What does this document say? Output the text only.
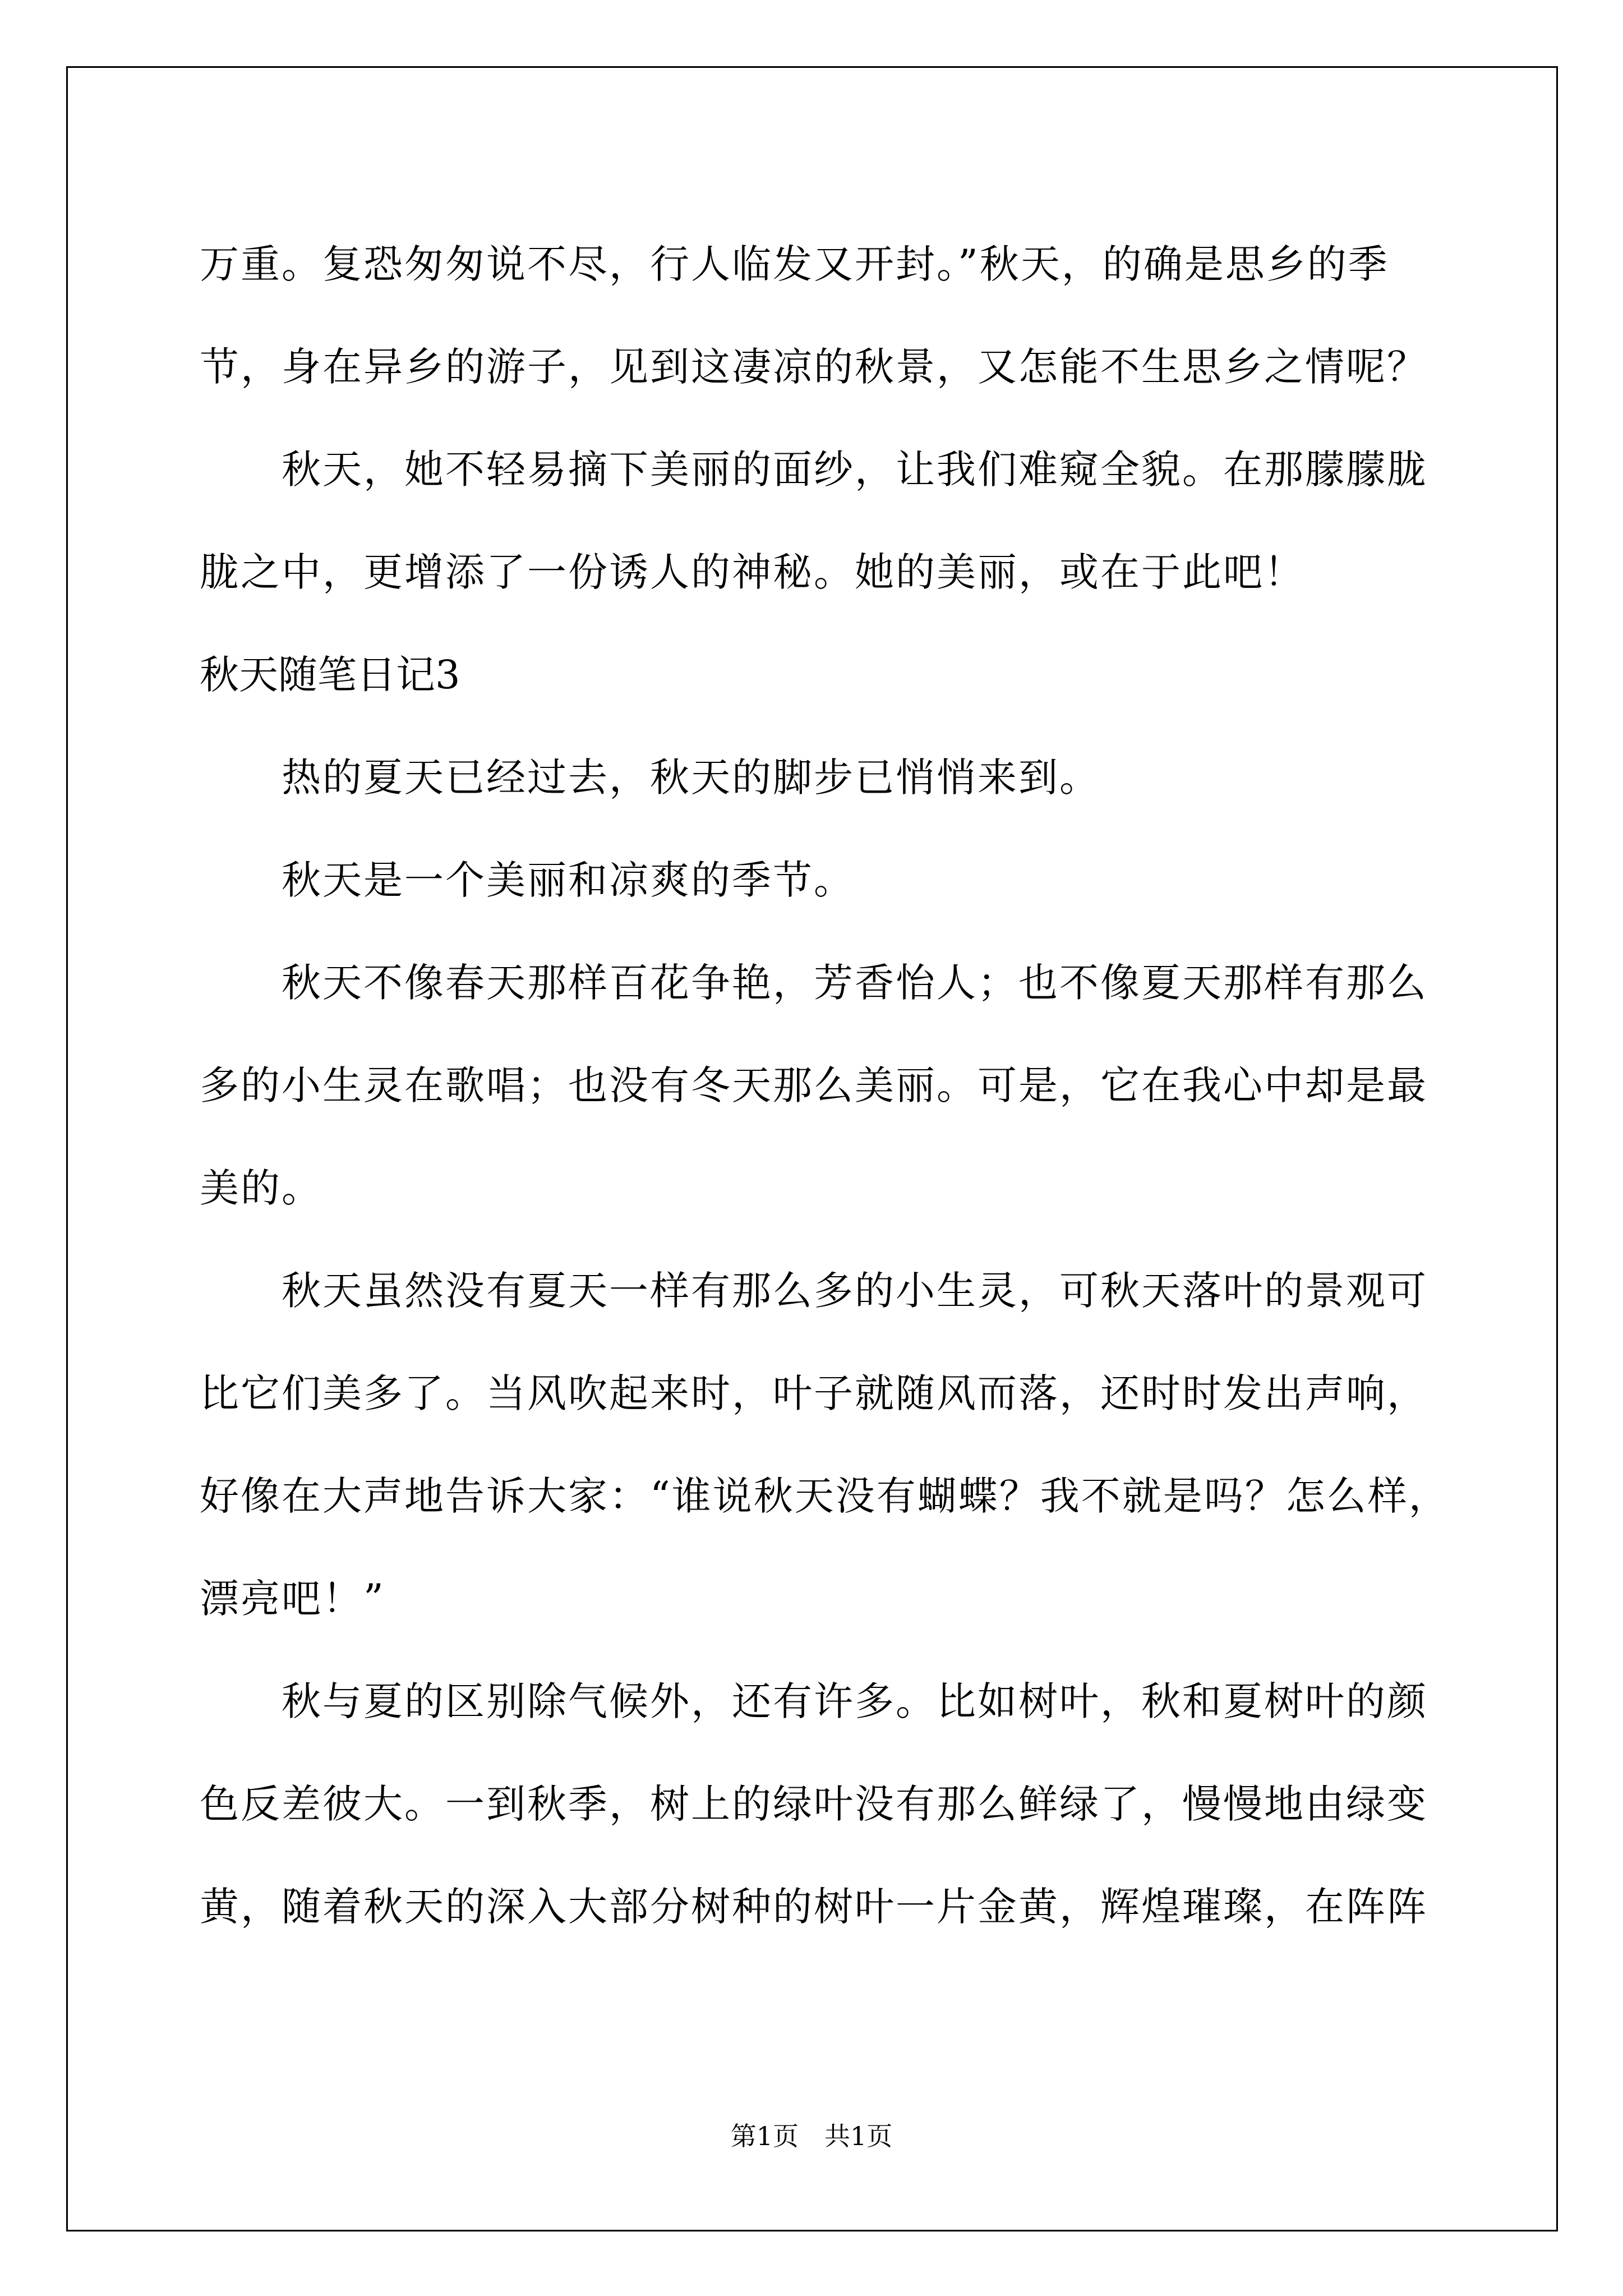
万重。复恐匆匆说不尽，行人临发又开封。”秋天，的确是思乡的季
节，身在异乡的游子，见到这凄凉的秋景，又怎能不生思乡之情呢？
秋天，她不轻易摘下美丽的面纱，让我们难窥全貌。在那朦朦胧
胧之中，更增添了一份诱人的神秘。她的美丽，或在于此吧！
秋天随笔日记3
热的夏天已经过去，秋天的脚步已悄悄来到。
秋天是一个美丽和凉爽的季节。
秋天不像春天那样百花争艳，芳香怡人；也不像夏天那样有那么
多的小生灵在歌唱；也没有冬天那么美丽。可是，它在我心中却是最
美的。
秋天虽然没有夏天一样有那么多的小生灵，可秋天落叶的景观可
比它们美多了。当风吹起来时，叶子就随风而落，还时时发出声响，
好像在大声地告诉大家：“谁说秋天没有蝴蝶？我不就是吗？怎么样，
漂亮吧！”
秋与夏的区别除气候外，还有许多。比如树叶，秋和夏树叶的颜
色反差彼大。一到秋季，树上的绿叶没有那么鲜绿了，慢慢地由绿变
黄，随着秋天的深入大部分树种的树叶一片金黄，辉煌璀璨，在阵阵
第1页　共1页
